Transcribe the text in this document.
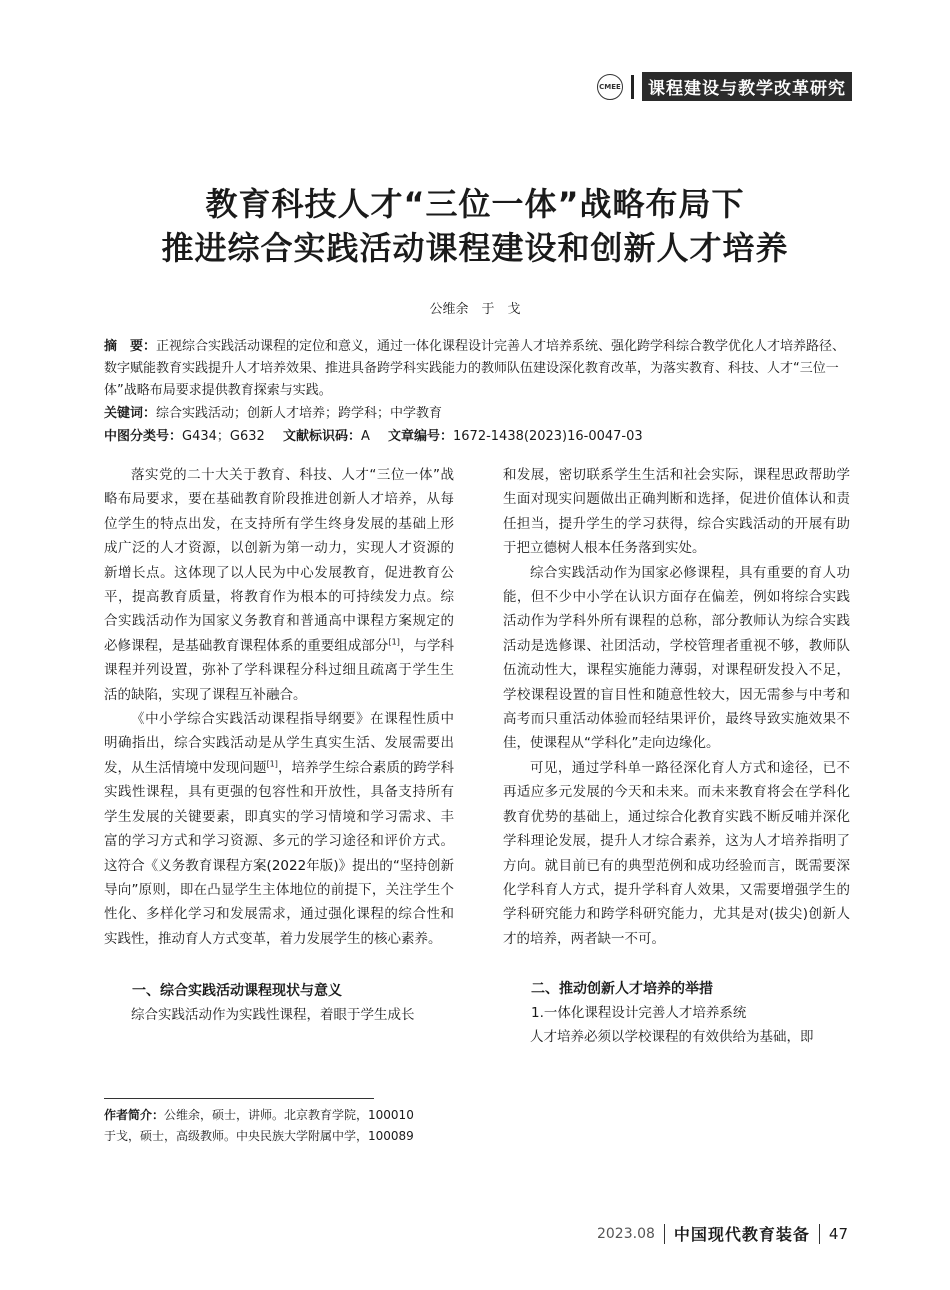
CMEE	课程建设与教学改革研究
教育科技人才“三位一体”战略布局下
推进综合实践活动课程建设和创新人才培养
公维余　于　戈
摘　要：正视综合实践活动课程的定位和意义，通过一体化课程设计完善人才培养系统、强化跨学科综合教学优化人才培养路径、数字赋能教育实践提升人才培养效果、推进具备跨学科实践能力的教师队伍建设深化教育改革，为落实教育、科技、人才“三位一体”战略布局要求提供教育探索与实践。
关键词：综合实践活动；创新人才培养；跨学科；中学教育
中图分类号：G434；G632 文献标识码：A 文章编号：1672-1438(2023)16-0047-03

落实党的二十大关于教育、科技、人才“三位一体”战略布局要求，要在基础教育阶段推进创新人才培养，从每位学生的特点出发，在支持所有学生终身发展的基础上形成广泛的人才资源，以创新为第一动力，实现人才资源的新增长点。这体现了以人民为中心发展教育，促进教育公平，提高教育质量，将教育作为根本的可持续发力点。综合实践活动作为国家义务教育和普通高中课程方案规定的必修课程，是基础教育课程体系的重要组成部分[1]，与学科课程并列设置，弥补了学科课程分科过细且疏离于学生生活的缺陷，实现了课程互补融合。

《中小学综合实践活动课程指导纲要》在课程性质中明确指出，综合实践活动是从学生真实生活、发展需要出发，从生活情境中发现问题[1]，培养学生综合素质的跨学科实践性课程，具有更强的包容性和开放性，具备支持所有学生发展的关键要素，即真实的学习情境和学习需求、丰富的学习方式和学习资源、多元的学习途径和评价方式。这符合《义务教育课程方案(2022年版)》提出的“坚持创新导向”原则，即在凸显学生主体地位的前提下，关注学生个性化、多样化学习和发展需求，通过强化课程的综合性和实践性，推动育人方式变革，着力发展学生的核心素养。

一、综合实践活动课程现状与意义

综合实践活动作为实践性课程，着眼于学生成长

和发展，密切联系学生生活和社会实际，课程思政帮助学生面对现实问题做出正确判断和选择，促进价值体认和责任担当，提升学生的学习获得，综合实践活动的开展有助于把立德树人根本任务落到实处。

综合实践活动作为国家必修课程，具有重要的育人功能，但不少中小学在认识方面存在偏差，例如将综合实践活动作为学科外所有课程的总称，部分教师认为综合实践活动是选修课、社团活动，学校管理者重视不够，教师队伍流动性大，课程实施能力薄弱，对课程研发投入不足，学校课程设置的盲目性和随意性较大，因无需参与中考和高考而只重活动体验而轻结果评价，最终导致实施效果不佳，使课程从“学科化”走向边缘化。

可见，通过学科单一路径深化育人方式和途径，已不再适应多元发展的今天和未来。而未来教育将会在学科化教育优势的基础上，通过综合化教育实践不断反哺并深化学科理论发展，提升人才综合素养，这为人才培养指明了方向。就目前已有的典型范例和成功经验而言，既需要深化学科育人方式，提升学科育人效果，又需要增强学生的学科研究能力和跨学科研究能力，尤其是对(拔尖)创新人才的培养，两者缺一不可。

二、推动创新人才培养的举措
1.一体化课程设计完善人才培养系统

人才培养必须以学校课程的有效供给为基础，即

作者简介：公维余，硕士，讲师。北京教育学院，100010
于戈，硕士，高级教师。中央民族大学附属中学，100089
2023.08 中国现代教育装备 47
